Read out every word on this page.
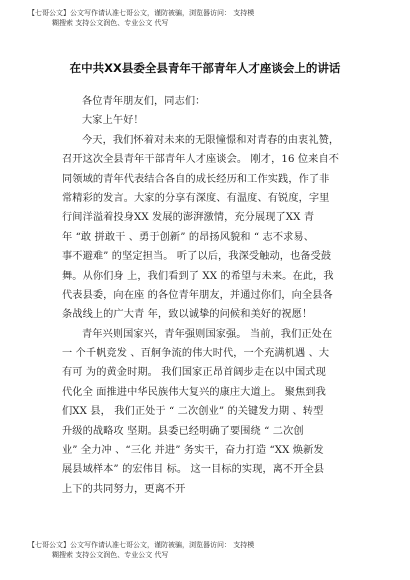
【七哥公文】公文写作请认准七哥公文，谨防被骗，浏览器访问： 支持模
糊搜索 支持公文润色、专业公文 代写
在中共XX县委全县青年干部青年人才座谈会上的讲话
各位青年朋友们，同志们：
大家上午好！
今天，我们怀着对未来的无限憧憬和对青春的由衷礼赞，
召开这次全县青年干部青年人才座谈会。 刚才，16 位来自不
同领域的青年代表结合各自的成长经历和工作实践，作了非
常精彩的发言。大家的分享有深度、有温度、有锐度，字里
行间洋溢着投身XX 发展的澎湃激情，充分展现了XX 青
年 “敢 拼敢干 、勇于创新” 的昂扬风貌和 “ 志不求易、
事不避难” 的坚定担当。 听了以后，我深受触动，也备受鼓
舞。从你们身 上，我们看到了 XX 的希望与未来。在此，我
代表县委，向在座 的各位青年朋友，并通过你们，向全县各
条战线上的广大青 年，致以诚挚的问候和美好的祝愿！
青年兴则国家兴，青年强则国家强。 当前，我们正处在
一 个千帆竞发 、百舸争流的伟大时代，一个充满机遇 、大
有可 为的黄金时期。 我们国家正昂首阔步走在以中国式现
代化全 面推进中华民族伟大复兴的康庄大道上。 聚焦到我
们XX 县， 我们正处于 “ 二次创业” 的关键发力期 、转型
升级的战略攻 坚期。县委已经明确了要围绕 “ 二次创
业” 全力冲 、“三化 并进” 务实干，奋力打造 “XX 焕新发
展县域样本” 的宏伟目 标。 这一目标的实现，离不开全县
上下的共同努力，更离不开
【七哥公文】公文写作请认准七哥公文，谨防被骗，浏览器访问： 支持模
糊搜索 支持公文润色、专业公文 代写
